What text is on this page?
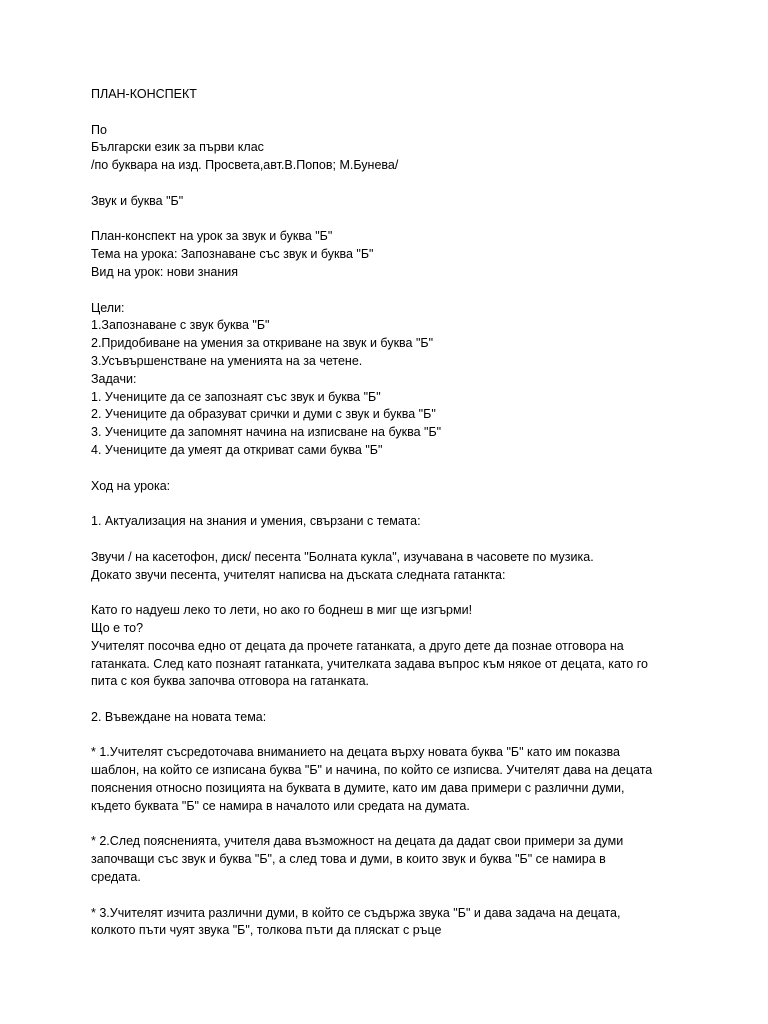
ПЛАН-КОНСПЕКТ
По
Български език за първи клас
/по буквара на изд. Просвета,авт.В.Попов; М.Бунева/
Звук и буква "Б"
План-конспект на урок за звук и буква "Б"
Тема на урока: Запознаване със звук и буква "Б"
Вид на урок: нови знания
Цели:
1.Запознаване с звук буква "Б"
2.Придобиване на умения за откриване на звук и буква "Б"
3.Усъвършенстване на уменията на за четене.
Задачи:
1. Учениците да се запознаят със звук и буква "Б"
2. Учениците да образуват срички и думи с звук и буква "Б"
3. Учениците да запомнят начина на изписване на буква "Б"
4. Учениците да умеят да откриват сами буква "Б"
Ход на урока:
1. Актуализация на знания и умения, свързани с темата:
Звучи / на касетофон, диск/ песента "Болната кукла", изучавана в часовете по музика.
Докато звучи песента, учителят написва на дъската следната гатанкта:
Като го надуеш леко то лети, но ако го боднеш в миг ще изгърми!
Що е то?
Учителят посочва едно от децата да прочете гатанката, а друго дете да познае отговора на
гатанката. След като познаят гатанката, учителката задава въпрос към някое от децата, като го
пита с коя буква започва отговора на гатанката.
2. Въвеждане на новата тема:
* 1.Учителят съсредоточава вниманието на децата върху новата буква "Б" като им показва
шаблон, на който се изписана буква "Б" и начина, по който се изписва. Учителят дава на децата
пояснения относно позицията на буквата в думите, като им дава примери с различни думи,
където буквата "Б" се намира в началото или средата на думата.
* 2.След поясненията, учителя дава възможност на децата да дадат свои примери за думи
започващи със звук и буква "Б", а след това и думи, в които звук и буква "Б" се намира в
средата.
* 3.Учителят изчита различни думи, в който се съдържа звука "Б" и дава задача на децата,
колкото пъти чуят звука "Б", толкова пъти да пляскат с ръце
